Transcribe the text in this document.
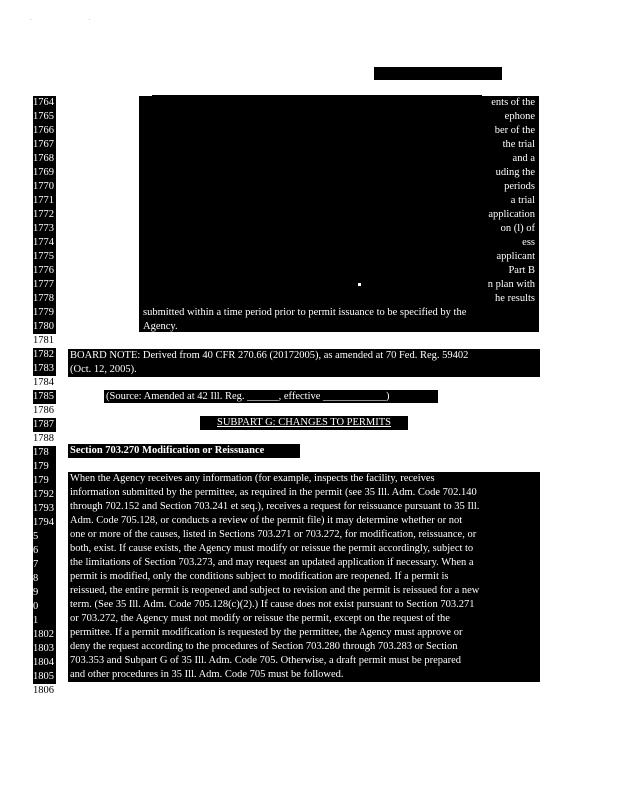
. .
JCAR350703-1806727r01
1764
1765
1766
1767
1768
1769
1770
1771
1772
1773
1774
1775
1776
1777
1778
1779
1780
1781
1782
1783
1784
1785
1786
1787
1788
178
179
179
1792
1793
1794
5
6
7
8
9
0
1
1802
1803
1804
1805
1806
ents of the
ephone
ber of the
the trial
and a
uding the
periods
a trial
application
on (l) of
ess
applicant
Part B
n plan with
he results
submitted within a time period prior to permit issuance to be specified by the
Agency.
BOARD NOTE: Derived from 40 CFR 270.66 (20172005), as amended at 70 Fed. Reg. 59402
(Oct. 12, 2005).
(Source: Amended at 42 Ill. Reg. ______, effective ____________)
SUBPART G: CHANGES TO PERMITS
Section 703.270 Modification or Reissuance
When the Agency receives any information (for example, inspects the facility, receives
information submitted by the permittee, as required in the permit (see 35 Ill. Adm. Code 702.140
through 702.152 and Section 703.241 et seq.), receives a request for reissuance pursuant to 35 Ill.
Adm. Code 705.128, or conducts a review of the permit file) it may determine whether or not
one or more of the causes, listed in Sections 703.271 or 703.272, for modification, reissuance, or
both, exist. If cause exists, the Agency must modify or reissue the permit accordingly, subject to
the limitations of Section 703.273, and may request an updated application if necessary. When a
permit is modified, only the conditions subject to modification are reopened. If a permit is
reissued, the entire permit is reopened and subject to revision and the permit is reissued for a new
term. (See 35 Ill. Adm. Code 705.128(c)(2).) If cause does not exist pursuant to Section 703.271
or 703.272, the Agency must not modify or reissue the permit, except on the request of the
permittee. If a permit modification is requested by the permittee, the Agency must approve or
deny the request according to the procedures of Section 703.280 through 703.283 or Section
703.353 and Subpart G of 35 Ill. Adm. Code 705. Otherwise, a draft permit must be prepared
and other procedures in 35 Ill. Adm. Code 705 must be followed.
